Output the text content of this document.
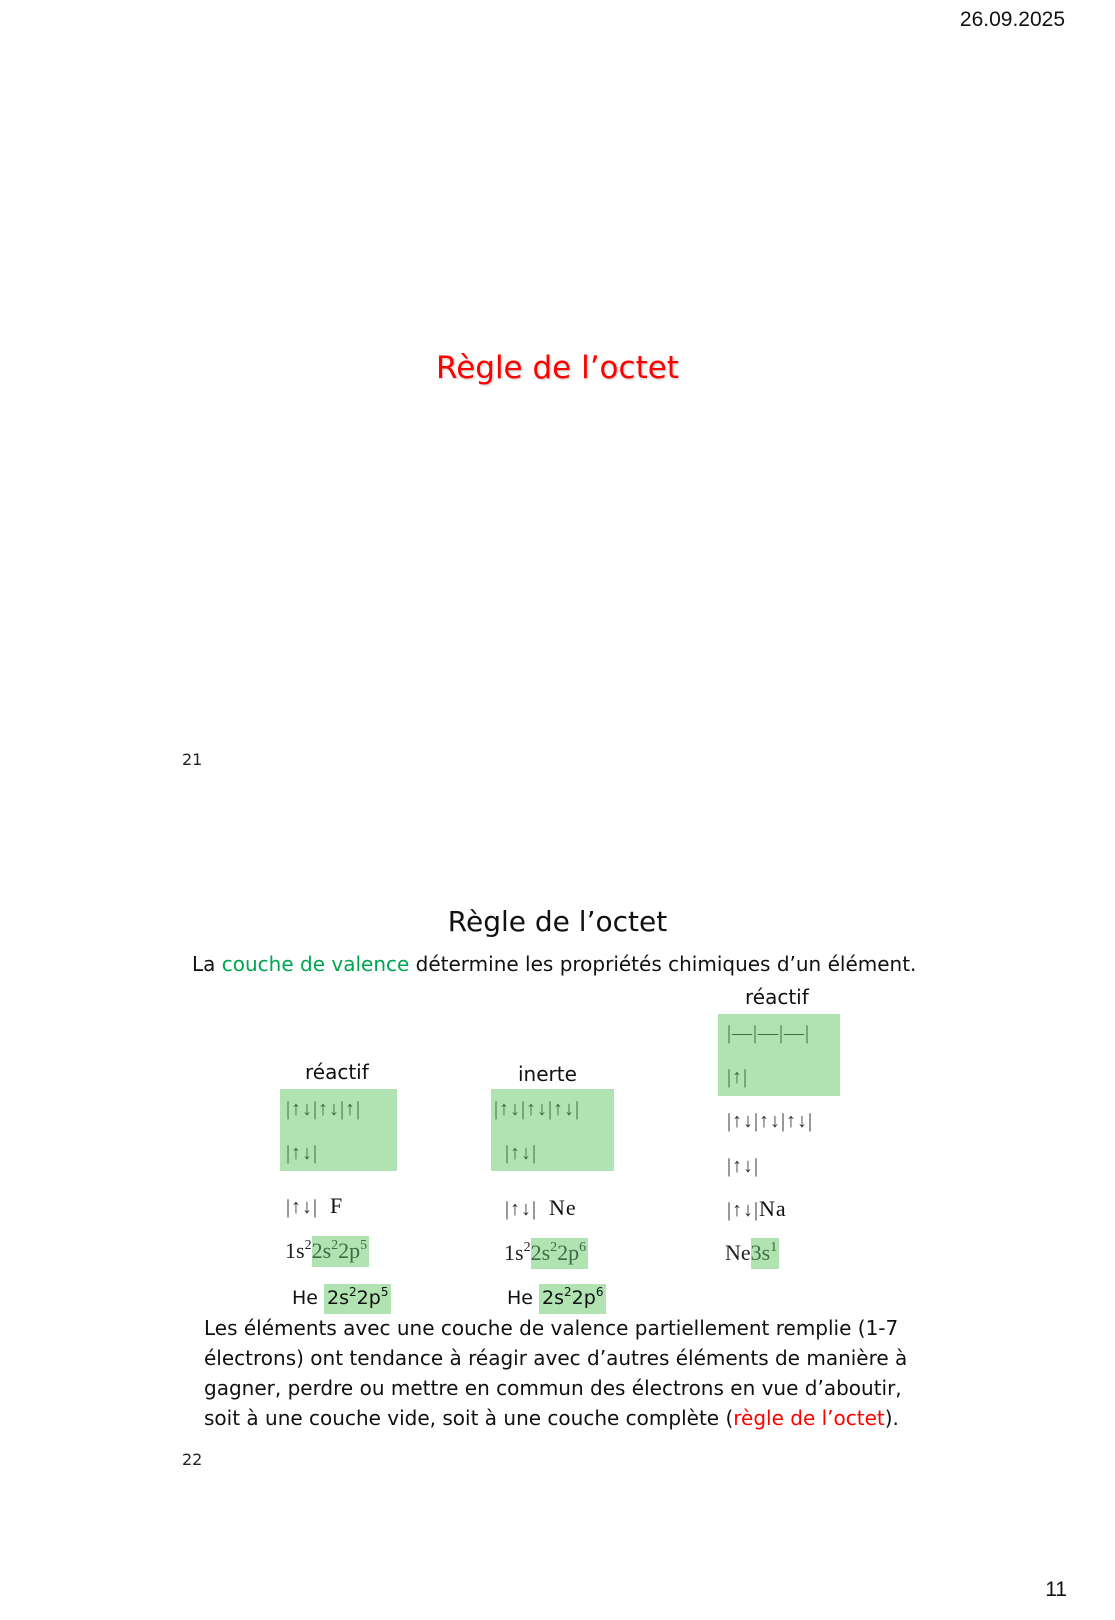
26.09.2025
11
Règle de l’octet
21
Règle de l’octet
La couche de valence détermine les propriétés chimiques d’un élément.
réactif
|↑↓|↑↓|↑|
|↑↓|
|↑↓| F
$1s^22s^22p^5$
He $2s^22p^5$
inerte
|↑↓|↑↓|↑↓|
|↑↓|
|↑↓| Ne
$1s^22s^22p^6$
He $2s^22p^6$
réactif
|—|—|—|
|↑|
|↑↓|↑↓|↑↓|
|↑↓|
|↑↓|Na
$Ne3s^1$
Les éléments avec une couche de valence partiellement remplie (1-7 électrons) ont tendance à réagir avec d’autres éléments de manière à gagner, perdre ou mettre en commun des électrons en vue d’aboutir, soit à une couche vide, soit à une couche complète (règle de l’octet).
22
